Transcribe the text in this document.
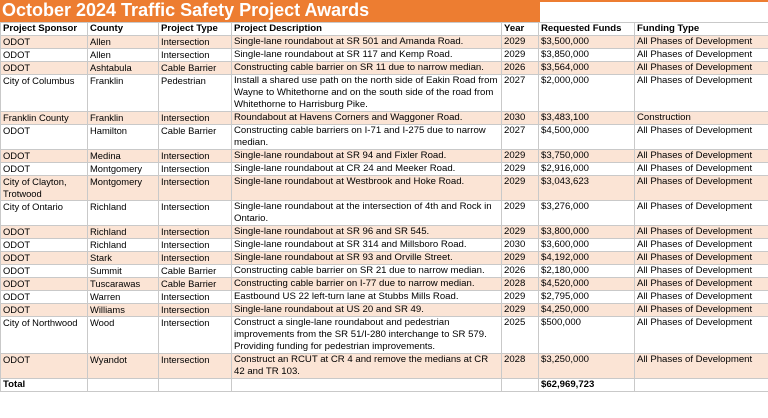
October 2024 Traffic Safety Project Awards
Project Sponsor	County	Project Type	Project Description	Year	Requested Funds	Funding Type
ODOT	Allen	Intersection	Single-lane roundabout at SR 501 and Amanda Road.	2029	$3,500,000	All Phases of Development
ODOT	Allen	Intersection	Single-lane roundabout at SR 117 and Kemp Road.	2029	$3,850,000	All Phases of Development
ODOT	Ashtabula	Cable Barrier	Constructing cable barrier on SR 11 due to narrow median.	2026	$3,564,000	All Phases of Development
City of Columbus	Franklin	Pedestrian	Install a shared use path on the north side of Eakin Road from Wayne to Whitethorne and on the south side of the road from Whitethorne to Harrisburg Pike.	2027	$2,000,000	All Phases of Development
Franklin County	Franklin	Intersection	Roundabout at Havens Corners and Waggoner Road.	2030	$3,483,100	Construction
ODOT	Hamilton	Cable Barrier	Constructing cable barriers on I-71 and I-275 due to narrow median.	2027	$4,500,000	All Phases of Development
ODOT	Medina	Intersection	Single-lane roundabout at SR 94 and Fixler Road.	2029	$3,750,000	All Phases of Development
ODOT	Montgomery	Intersection	Single-lane roundabout at CR 24 and Meeker Road.	2029	$2,916,000	All Phases of Development
City of Clayton, Trotwood	Montgomery	Intersection	Single-lane roundabout at Westbrook and Hoke Road.	2029	$3,043,623	All Phases of Development
City of Ontario	Richland	Intersection	Single-lane roundabout at the intersection of 4th and Rock in Ontario.	2029	$3,276,000	All Phases of Development
ODOT	Richland	Intersection	Single-lane roundabout at SR 96 and SR 545.	2029	$3,800,000	All Phases of Development
ODOT	Richland	Intersection	Single-lane roundabout at SR 314 and Millsboro Road.	2030	$3,600,000	All Phases of Development
ODOT	Stark	Intersection	Single-lane roundabout at SR 93 and Orville Street.	2029	$4,192,000	All Phases of Development
ODOT	Summit	Cable Barrier	Constructing cable barrier on SR 21 due to narrow median.	2026	$2,180,000	All Phases of Development
ODOT	Tuscarawas	Cable Barrier	Constructing cable barrier on I-77 due to narrow median.	2028	$4,520,000	All Phases of Development
ODOT	Warren	Intersection	Eastbound US 22 left-turn lane at Stubbs Mills Road.	2029	$2,795,000	All Phases of Development
ODOT	Williams	Intersection	Single-lane roundabout at US 20 and SR 49.	2029	$4,250,000	All Phases of Development
City of Northwood	Wood	Intersection	Construct a single-lane roundabout and pedestrian improvements from the SR 51/I-280 interchange to SR 579. Providing funding for pedestrian improvements.	2025	$500,000	All Phases of Development
ODOT	Wyandot	Intersection	Construct an RCUT at CR 4 and remove the medians at CR 42 and TR 103.	2028	$3,250,000	All Phases of Development
Total					$62,969,723	
